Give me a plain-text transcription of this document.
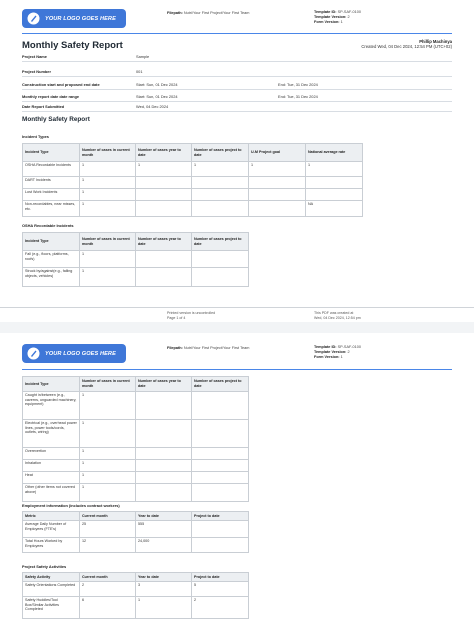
YOUR LOGO GOES HERE
Filepath: Nutri/Your First Project/Your First Team	Template ID: SP-SAF-0100
Template Version: 2
Form Version: 1
Monthly Safety Report	Phillip Machinya
Created Wed, 04 Dec 2024, 12:54 PM (UTC+02)
Project Name	Sample
Project Number	001
Construction start and proposed end date	Start: Sun, 01 Dec 2024	End: Tue, 31 Dec 2024
Monthly report date date range	Start: Sun, 01 Dec 2024	End: Tue, 31 Dec 2024
Date Report Submitted	Wed, 04 Dec 2024
Monthly Safety Report
Incident Types
Incident Type	Number of cases in current month	Number of cases year to date	Number of cases project to date	U-M Project goal	National average rate
OSHA Recordable Incidents	1	1	1	1	1
DART Incidents	1				
Lost Work Incidents	1				
Non-recordables, near misses, etc.	1				NA
OSHA Recordable Incidents
Incident Type	Number of cases in current month	Number of cases year to date	Number of cases project to date
Fall (e.g., floors, platforms, roofs)	1		
Struck by/against(e.g., falling objects, vehicles)	1		
Printed version is uncontrolled
Page 1 of 4
This PDF was created at
Wed, 04 Dec 2024, 12:54 pm
YOUR LOGO GOES HERE
Filepath: Nutri/Your First Project/Your First Team	Template ID: SP-SAF-0100
Template Version: 2
Form Version: 1
Incident Type	Number of cases in current month	Number of cases year to date	Number of cases project to date
Caught in/between (e.g., caverns, unguarded machinery, equipment)	1		
Electrical (e.g., overhead power lines, power tools/cords, outlets, wiring)	1		
Overexertion	1		
Inhalation	1		
Heat	1		
Other (other items not covered above)	1		
Employment information (includes contract workers)
Metric	Current month	Year to date	Project to date
Average Daily Number of Employees (FTE's)	25	555	
Total Hours Worked by Employees	12	24,000	
Project Safety Activities
Safety Activity	Current month	Year to date	Project to date
Safety Orientations Completed	2	3	5
Safety Huddles/Tool Box/Similar Activities Completed	6	1	2
